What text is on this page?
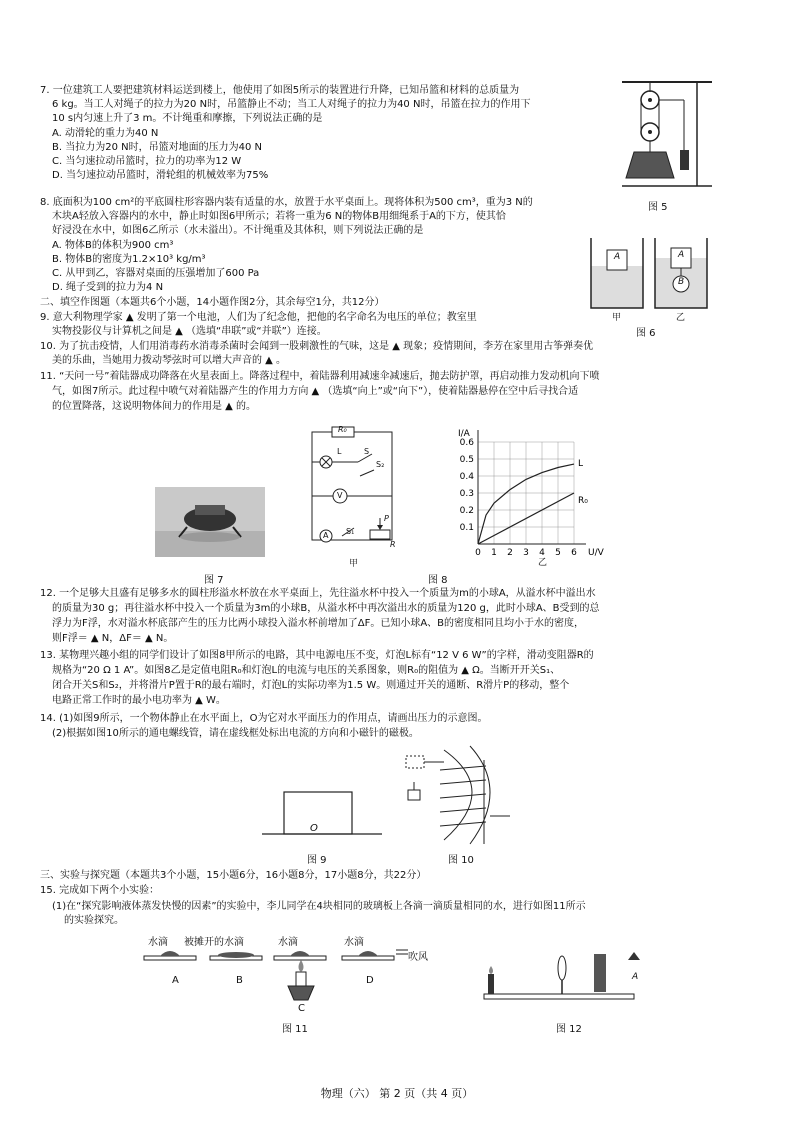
7. 一位建筑工人要把建筑材料运送到楼上，他使用了如图5所示的装置进行升降，已知吊篮和材料的总质量为
6 kg。当工人对绳子的拉力为20 N时，吊篮静止不动；当工人对绳子的拉力为40 N时，吊篮在拉力的作用下
10 s内匀速上升了3 m。不计绳重和摩擦，下列说法正确的是
A. 动滑轮的重力为40 N
B. 当拉力为20 N时，吊篮对地面的压力为40 N
C. 当匀速拉动吊篮时，拉力的功率为12 W
D. 当匀速拉动吊篮时，滑轮组的机械效率为75%
图 5
8. 底面积为100 cm²的平底圆柱形容器内装有适量的水，放置于水平桌面上。现将体积为500 cm³，重为3 N的
木块A轻放入容器内的水中，静止时如图6甲所示；若将一重为6 N的物体B用细绳系于A的下方，使其恰
好浸没在水中，如图6乙所示（水未溢出）。不计绳重及其体积，则下列说法正确的是
A. 物体B的体积为900 cm³
B. 物体B的密度为1.2×10³ kg/m³
C. 从甲到乙，容器对桌面的压强增加了600 Pa
D. 绳子受到的拉力为4 N
A	A
B
甲	乙
图 6
二、填空作图题（本题共6个小题，14小题作图2分，其余每空1分，共12分）
9. 意大利物理学家 ▲ 发明了第一个电池，人们为了纪念他，把他的名字命名为电压的单位；教室里
实物投影仪与计算机之间是 ▲ （选填“串联”或“并联”）连接。
10. 为了抗击疫情，人们用消毒药水消毒杀菌时会闻到一股刺激性的气味，这是 ▲ 现象；疫情期间，李芳在家里用古筝弹奏优
美的乐曲，当她用力拨动琴弦时可以增大声音的 ▲ 。
11. “天问一号”着陆器成功降落在火星表面上。降落过程中，着陆器利用减速伞减速后，抛去防护罩，再启动推力发动机向下喷
气，如图7所示。此过程中喷气对着陆器产生的作用力方向 ▲ （选填“向上”或“向下”），使着陆器悬停在空中后寻找合适
的位置降落，这说明物体间力的作用是 ▲ 的。
图 7
R₀
L	S
S₂
V
A S₁
P
R
甲
0 1 2 3 4 5 6
0.1
0.2
0.3
0.4
0.5
0.6
U/V
I/A
L
R₀
乙
图 8
12. 一个足够大且盛有足够多水的圆柱形溢水杯放在水平桌面上，先往溢水杯中投入一个质量为m的小球A，从溢水杯中溢出水
的质量为30 g；再往溢水杯中投入一个质量为3m的小球B，从溢水杯中再次溢出水的质量为120 g，此时小球A、B受到的总
浮力为F浮，水对溢水杯底部产生的压力比两小球投入溢水杯前增加了ΔF。已知小球A、B的密度相同且均小于水的密度，
则F浮＝ ▲ N，ΔF＝ ▲ N。
13. 某物理兴趣小组的同学们设计了如图8甲所示的电路，其中电源电压不变，灯泡L标有“12 V 6 W”的字样，滑动变阻器R的
规格为“20 Ω 1 A”。如图8乙是定值电阻R₀和灯泡L的电流与电压的关系图象，则R₀的阻值为 ▲ Ω。当断开开关S₁、
闭合开关S和S₂，并将滑片P置于R的最右端时，灯泡L的实际功率为1.5 W。则通过开关的通断、R滑片P的移动，整个
电路正常工作时的最小电功率为 ▲ W。
14. (1)如图9所示，一个物体静止在水平面上，O为它对水平面压力的作用点，请画出压力的示意图。
(2)根据如图10所示的通电螺线管，请在虚线框处标出电流的方向和小磁针的磁极。
O
图 9	图 10
三、实验与探究题（本题共3个小题，15小题6分，16小题8分，17小题8分，共22分）
15. 完成如下两个小实验：
(1)在“探究影响液体蒸发快慢的因素”的实验中，李儿同学在4块相同的玻璃板上各滴一滴质量相同的水，进行如图11所示
的实验探究。
水滴 被摊开的水滴	水滴	水滴
吹风
A	B
C
D
图 11
A
图 12
物理（六） 第 2 页（共 4 页）
